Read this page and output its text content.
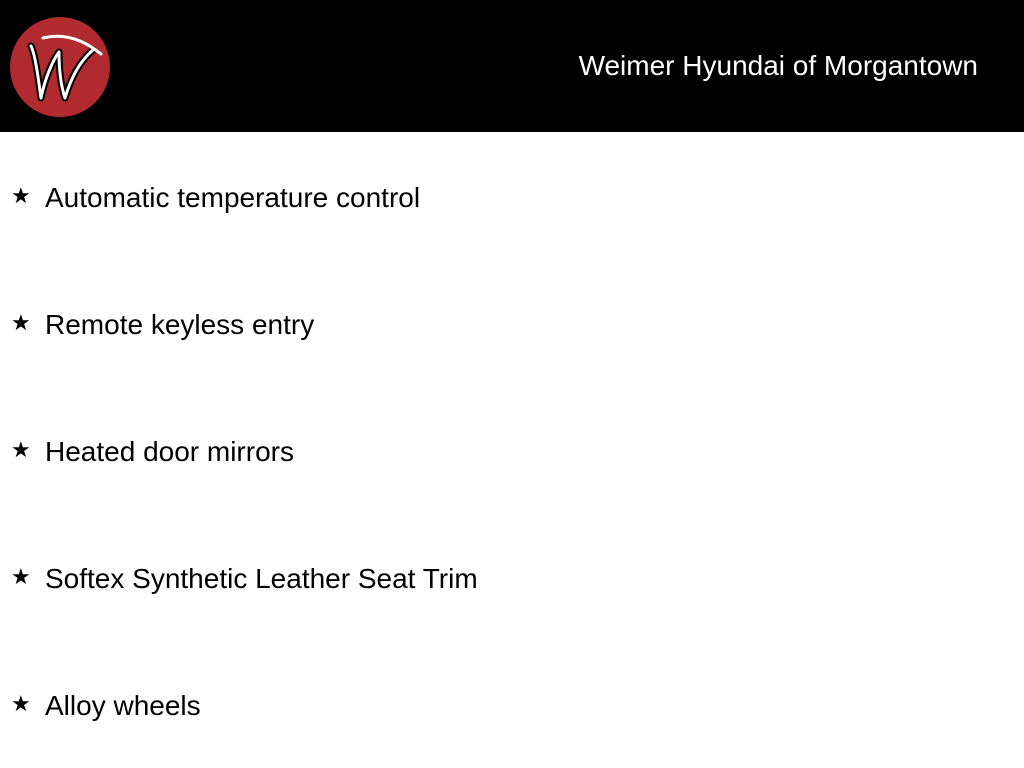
Weimer Hyundai of Morgantown
★ Automatic temperature control
★ Remote keyless entry
★ Heated door mirrors
★ Softex Synthetic Leather Seat Trim
★ Alloy wheels
